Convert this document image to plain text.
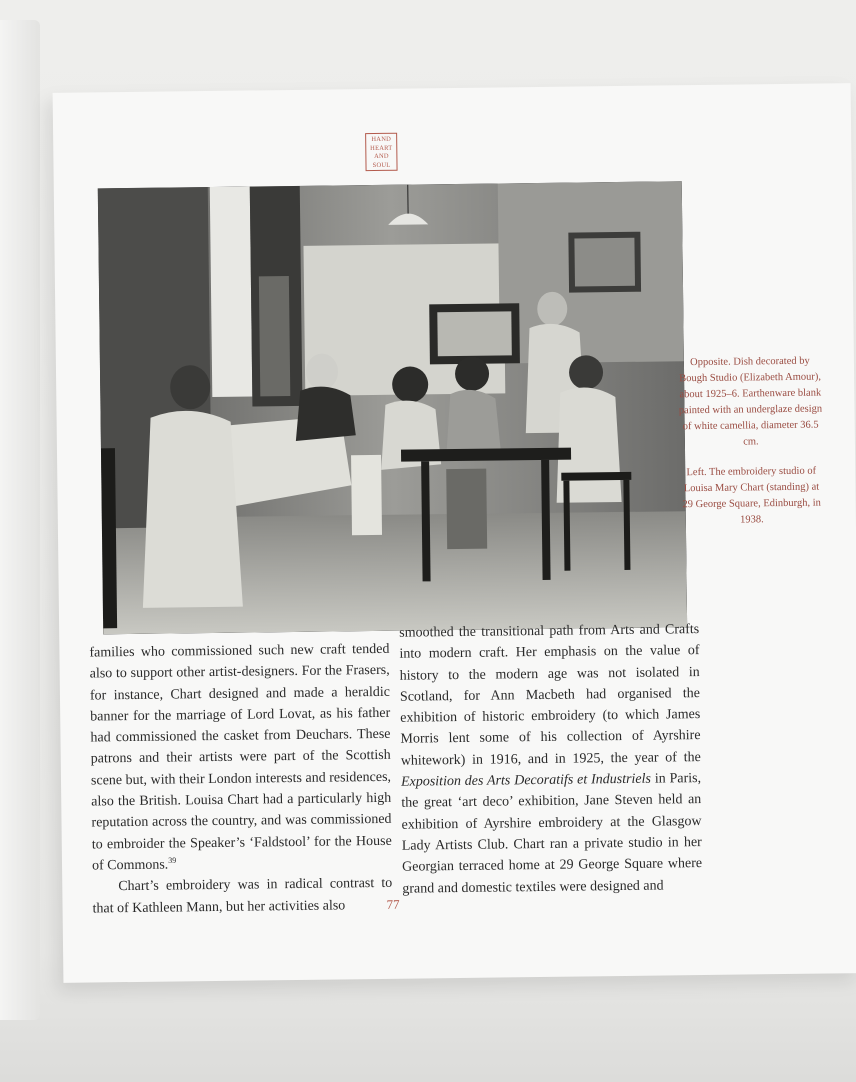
HAND
HEART
AND
SOUL

Opposite. Dish decorated by Bough Studio (Elizabeth Amour), about 1925–6. Earthenware blank painted with an underglaze design of white camellia, diameter 36.5 cm.

Left. The embroidery studio of Louisa Mary Chart (standing) at 29 George Square, Edinburgh, in 1938.

families who commissioned such new craft tended also to support other artist-designers. For the Frasers, for instance, Chart designed and made a heraldic banner for the marriage of Lord Lovat, as his father had commissioned the casket from Deuchars. These patrons and their artists were part of the Scottish scene but, with their London interests and residences, also the British. Louisa Chart had a particularly high reputation across the country, and was commissioned to embroider the Speaker’s ‘Faldstool’ for the House of Commons.$^{39}$

Chart’s embroidery was in radical contrast to that of Kathleen Mann, but her activities also

smoothed the transitional path from Arts and Crafts into modern craft. Her emphasis on the value of history to the modern age was not isolated in Scotland, for Ann Macbeth had organised the exhibition of historic embroidery (to which James Morris lent some of his collection of Ayrshire whitework) in 1916, and in 1925, the year of the Exposition des Arts Decoratifs et Industriels in Paris, the great ‘art deco’ exhibition, Jane Steven held an exhibition of Ayrshire embroidery at the Glasgow Lady Artists Club. Chart ran a private studio in her Georgian terraced home at 29 George Square where grand and domestic textiles were designed and

77
